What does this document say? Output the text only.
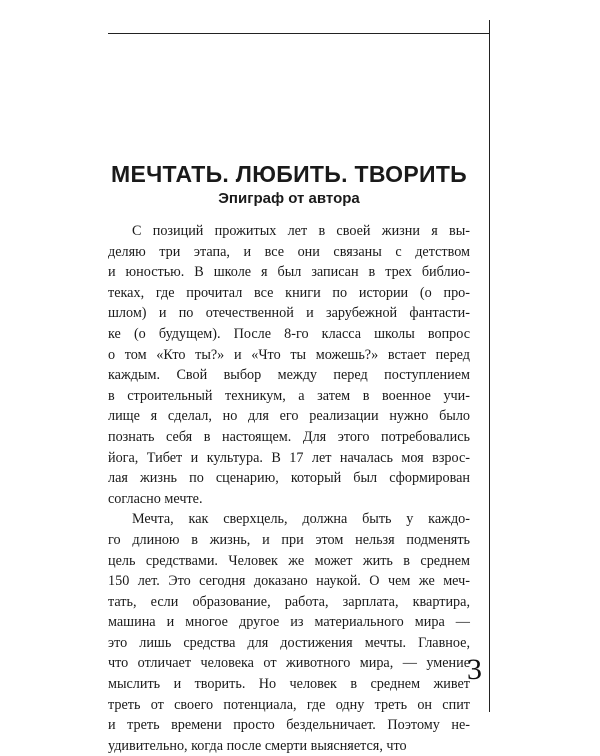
МЕЧТАТЬ. ЛЮБИТЬ. ТВОРИТЬ
Эпиграф от автора
С позиций прожитых лет в своей жизни я вы-
деляю три этапа, и все они связаны с детством
и юностью. В школе я был записан в трех библио-
теках, где прочитал все книги по истории (о про-
шлом) и по отечественной и зарубежной фантасти-
ке (о будущем). После 8-го класса школы вопрос
о том «Кто ты?» и «Что ты можешь?» встает перед
каждым. Свой выбор между перед поступлением
в строительный техникум, а затем в военное учи-
лище я сделал, но для его реализации нужно было
познать себя в настоящем. Для этого потребовались
йога, Тибет и культура. В 17 лет началась моя взрос-
лая жизнь по сценарию, который был сформирован
согласно мечте.
Мечта, как сверхцель, должна быть у каждо-
го длиною в жизнь, и при этом нельзя подменять
цель средствами. Человек же может жить в среднем
150 лет. Это сегодня доказано наукой. О чем же меч-
тать, если образование, работа, зарплата, квартира,
машина и многое другое из материального мира —
это лишь средства для достижения мечты. Главное,
что отличает человека от животного мира, — умение
мыслить и творить. Но человек в среднем живет
треть от своего потенциала, где одну треть он спит
и треть времени просто бездельничает. Поэтому не-
удивительно, когда после смерти выясняется, что
3
